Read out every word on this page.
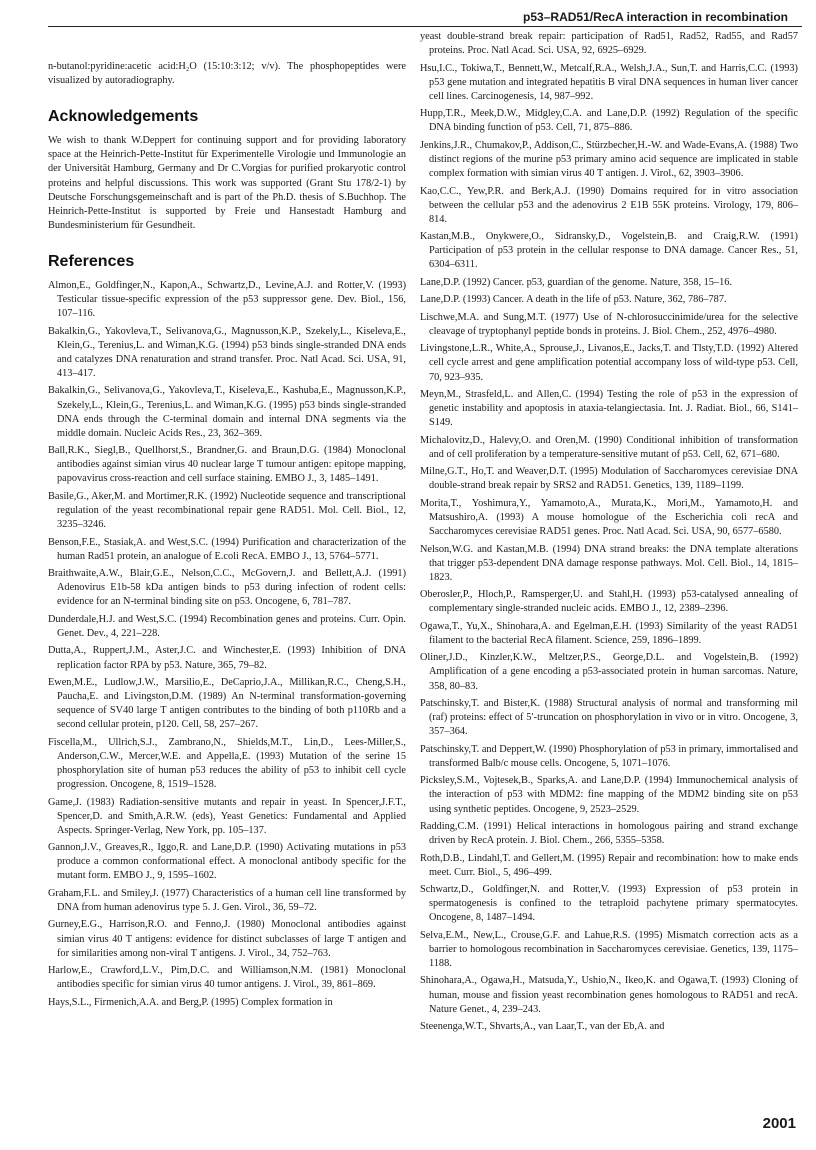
p53–RAD51/RecA interaction in recombination

n-butanol:pyridine:acetic acid:H₂O (15:10:3:12; v/v). The phosphopeptides were visualized by autoradiography.

Acknowledgements

We wish to thank W.Deppert for continuing support and for providing laboratory space at the Heinrich-Pette-Institut für Experimentelle Virologie und Immunologie an der Universität Hamburg, Germany and Dr C.Vorgias for purified prokaryotic control proteins and helpful discussions. This work was supported (Grant Stu 178/2-1) by Deutsche Forschungsgemeinschaft and is part of the Ph.D. thesis of S.Buchhop. The Heinrich-Pette-Institut is supported by Freie und Hansestadt Hamburg and Bundesministerium für Gesundheit.

References

Almon,E., Goldfinger,N., Kapon,A., Schwartz,D., Levine,A.J. and Rotter,V. (1993) Testicular tissue-specific expression of the p53 suppressor gene. Dev. Biol., 156, 107–116.

Bakalkin,G., Yakovleva,T., Selivanova,G., Magnusson,K.P., Szekely,L., Kiseleva,E., Klein,G., Terenius,L. and Wiman,K.G. (1994) p53 binds single-stranded DNA ends and catalyzes DNA renaturation and strand transfer. Proc. Natl Acad. Sci. USA, 91, 413–417.

Bakalkin,G., Selivanova,G., Yakovleva,T., Kiseleva,E., Kashuba,E., Magnusson,K.P., Szekely,L., Klein,G., Terenius,L. and Wiman,K.G. (1995) p53 binds single-stranded DNA ends through the C-terminal domain and internal DNA segments via the middle domain. Nucleic Acids Res., 23, 362–369.

Ball,R.K., Siegl,B., Quellhorst,S., Brandner,G. and Braun,D.G. (1984) Monoclonal antibodies against simian virus 40 nuclear large T tumour antigen: epitope mapping, papovavirus cross-reaction and cell surface staining. EMBO J., 3, 1485–1491.

Basile,G., Aker,M. and Mortimer,R.K. (1992) Nucleotide sequence and transcriptional regulation of the yeast recombinational repair gene RAD51. Mol. Cell. Biol., 12, 3235–3246.

Benson,F.E., Stasiak,A. and West,S.C. (1994) Purification and characterization of the human Rad51 protein, an analogue of E.coli RecA. EMBO J., 13, 5764–5771.

Braithwaite,A.W., Blair,G.E., Nelson,C.C., McGovern,J. and Bellett,A.J. (1991) Adenovirus E1b-58 kDa antigen binds to p53 during infection of rodent cells: evidence for an N-terminal binding site on p53. Oncogene, 6, 781–787.

Dunderdale,H.J. and West,S.C. (1994) Recombination genes and proteins. Curr. Opin. Genet. Dev., 4, 221–228.

Dutta,A., Ruppert,J.M., Aster,J.C. and Winchester,E. (1993) Inhibition of DNA replication factor RPA by p53. Nature, 365, 79–82.

Ewen,M.E., Ludlow,J.W., Marsilio,E., DeCaprio,J.A., Millikan,R.C., Cheng,S.H., Paucha,E. and Livingston,D.M. (1989) An N-terminal transformation-governing sequence of SV40 large T antigen contributes to the binding of both p110Rb and a second cellular protein, p120. Cell, 58, 257–267.

Fiscella,M., Ullrich,S.J., Zambrano,N., Shields,M.T., Lin,D., Lees-Miller,S., Anderson,C.W., Mercer,W.E. and Appella,E. (1993) Mutation of the serine 15 phosphorylation site of human p53 reduces the ability of p53 to inhibit cell cycle progression. Oncogene, 8, 1519–1528.

Game,J. (1983) Radiation-sensitive mutants and repair in yeast. In Spencer,J.F.T., Spencer,D. and Smith,A.R.W. (eds), Yeast Genetics: Fundamental and Applied Aspects. Springer-Verlag, New York, pp. 105–137.

Gannon,J.V., Greaves,R., Iggo,R. and Lane,D.P. (1990) Activating mutations in p53 produce a common conformational effect. A monoclonal antibody specific for the mutant form. EMBO J., 9, 1595–1602.

Graham,F.L. and Smiley,J. (1977) Characteristics of a human cell line transformed by DNA from human adenovirus type 5. J. Gen. Virol., 36, 59–72.

Gurney,E.G., Harrison,R.O. and Fenno,J. (1980) Monoclonal antibodies against simian virus 40 T antigens: evidence for distinct subclasses of large T antigen and for similarities among non-viral T antigens. J. Virol., 34, 752–763.

Harlow,E., Crawford,L.V., Pim,D.C. and Williamson,N.M. (1981) Monoclonal antibodies specific for simian virus 40 tumor antigens. J. Virol., 39, 861–869.

Hays,S.L., Firmenich,A.A. and Berg,P. (1995) Complex formation in

yeast double-strand break repair: participation of Rad51, Rad52, Rad55, and Rad57 proteins. Proc. Natl Acad. Sci. USA, 92, 6925–6929.

Hsu,I.C., Tokiwa,T., Bennett,W., Metcalf,R.A., Welsh,J.A., Sun,T. and Harris,C.C. (1993) p53 gene mutation and integrated hepatitis B viral DNA sequences in human liver cancer cell lines. Carcinogenesis, 14, 987–992.

Hupp,T.R., Meek,D.W., Midgley,C.A. and Lane,D.P. (1992) Regulation of the specific DNA binding function of p53. Cell, 71, 875–886.

Jenkins,J.R., Chumakov,P., Addison,C., Stürzbecher,H.-W. and Wade-Evans,A. (1988) Two distinct regions of the murine p53 primary amino acid sequence are implicated in stable complex formation with simian virus 40 T antigen. J. Virol., 62, 3903–3906.

Kao,C.C., Yew,P.R. and Berk,A.J. (1990) Domains required for in vitro association between the cellular p53 and the adenovirus 2 E1B 55K proteins. Virology, 179, 806–814.

Kastan,M.B., Onykwere,O., Sidransky,D., Vogelstein,B. and Craig,R.W. (1991) Participation of p53 protein in the cellular response to DNA damage. Cancer Res., 51, 6304–6311.

Lane,D.P. (1992) Cancer. p53, guardian of the genome. Nature, 358, 15–16.

Lane,D.P. (1993) Cancer. A death in the life of p53. Nature, 362, 786–787.

Lischwe,M.A. and Sung,M.T. (1977) Use of N-chlorosuccinimide/urea for the selective cleavage of tryptophanyl peptide bonds in proteins. J. Biol. Chem., 252, 4976–4980.

Livingstone,L.R., White,A., Sprouse,J., Livanos,E., Jacks,T. and Tlsty,T.D. (1992) Altered cell cycle arrest and gene amplification potential accompany loss of wild-type p53. Cell, 70, 923–935.

Meyn,M., Strasfeld,L. and Allen,C. (1994) Testing the role of p53 in the expression of genetic instability and apoptosis in ataxia-telangiectasia. Int. J. Radiat. Biol., 66, S141–S149.

Michalovitz,D., Halevy,O. and Oren,M. (1990) Conditional inhibition of transformation and of cell proliferation by a temperature-sensitive mutant of p53. Cell, 62, 671–680.

Milne,G.T., Ho,T. and Weaver,D.T. (1995) Modulation of Saccharomyces cerevisiae DNA double-strand break repair by SRS2 and RAD51. Genetics, 139, 1189–1199.

Morita,T., Yoshimura,Y., Yamamoto,A., Murata,K., Mori,M., Yamamoto,H. and Matsushiro,A. (1993) A mouse homologue of the Escherichia coli recA and Saccharomyces cerevisiae RAD51 genes. Proc. Natl Acad. Sci. USA, 90, 6577–6580.

Nelson,W.G. and Kastan,M.B. (1994) DNA strand breaks: the DNA template alterations that trigger p53-dependent DNA damage response pathways. Mol. Cell. Biol., 14, 1815–1823.

Oberosler,P., Hloch,P., Ramsperger,U. and Stahl,H. (1993) p53-catalysed annealing of complementary single-stranded nucleic acids. EMBO J., 12, 2389–2396.

Ogawa,T., Yu,X., Shinohara,A. and Egelman,E.H. (1993) Similarity of the yeast RAD51 filament to the bacterial RecA filament. Science, 259, 1896–1899.

Oliner,J.D., Kinzler,K.W., Meltzer,P.S., George,D.L. and Vogelstein,B. (1992) Amplification of a gene encoding a p53-associated protein in human sarcomas. Nature, 358, 80–83.

Patschinsky,T. and Bister,K. (1988) Structural analysis of normal and transforming mil (raf) proteins: effect of 5′-truncation on phosphorylation in vivo or in vitro. Oncogene, 3, 357–364.

Patschinsky,T. and Deppert,W. (1990) Phosphorylation of p53 in primary, immortalised and transformed Balb/c mouse cells. Oncogene, 5, 1071–1076.

Picksley,S.M., Vojtesek,B., Sparks,A. and Lane,D.P. (1994) Immunochemical analysis of the interaction of p53 with MDM2: fine mapping of the MDM2 binding site on p53 using synthetic peptides. Oncogene, 9, 2523–2529.

Radding,C.M. (1991) Helical interactions in homologous pairing and strand exchange driven by RecA protein. J. Biol. Chem., 266, 5355–5358.

Roth,D.B., Lindahl,T. and Gellert,M. (1995) Repair and recombination: how to make ends meet. Curr. Biol., 5, 496–499.

Schwartz,D., Goldfinger,N. and Rotter,V. (1993) Expression of p53 protein in spermatogenesis is confined to the tetraploid pachytene primary spermatocytes. Oncogene, 8, 1487–1494.

Selva,E.M., New,L., Crouse,G.F. and Lahue,R.S. (1995) Mismatch correction acts as a barrier to homologous recombination in Saccharomyces cerevisiae. Genetics, 139, 1175–1188.

Shinohara,A., Ogawa,H., Matsuda,Y., Ushio,N., Ikeo,K. and Ogawa,T. (1993) Cloning of human, mouse and fission yeast recombination genes homologous to RAD51 and recA. Nature Genet., 4, 239–243.

Steenenga,W.T., Shvarts,A., van Laar,T., van der Eb,A. and

2001
